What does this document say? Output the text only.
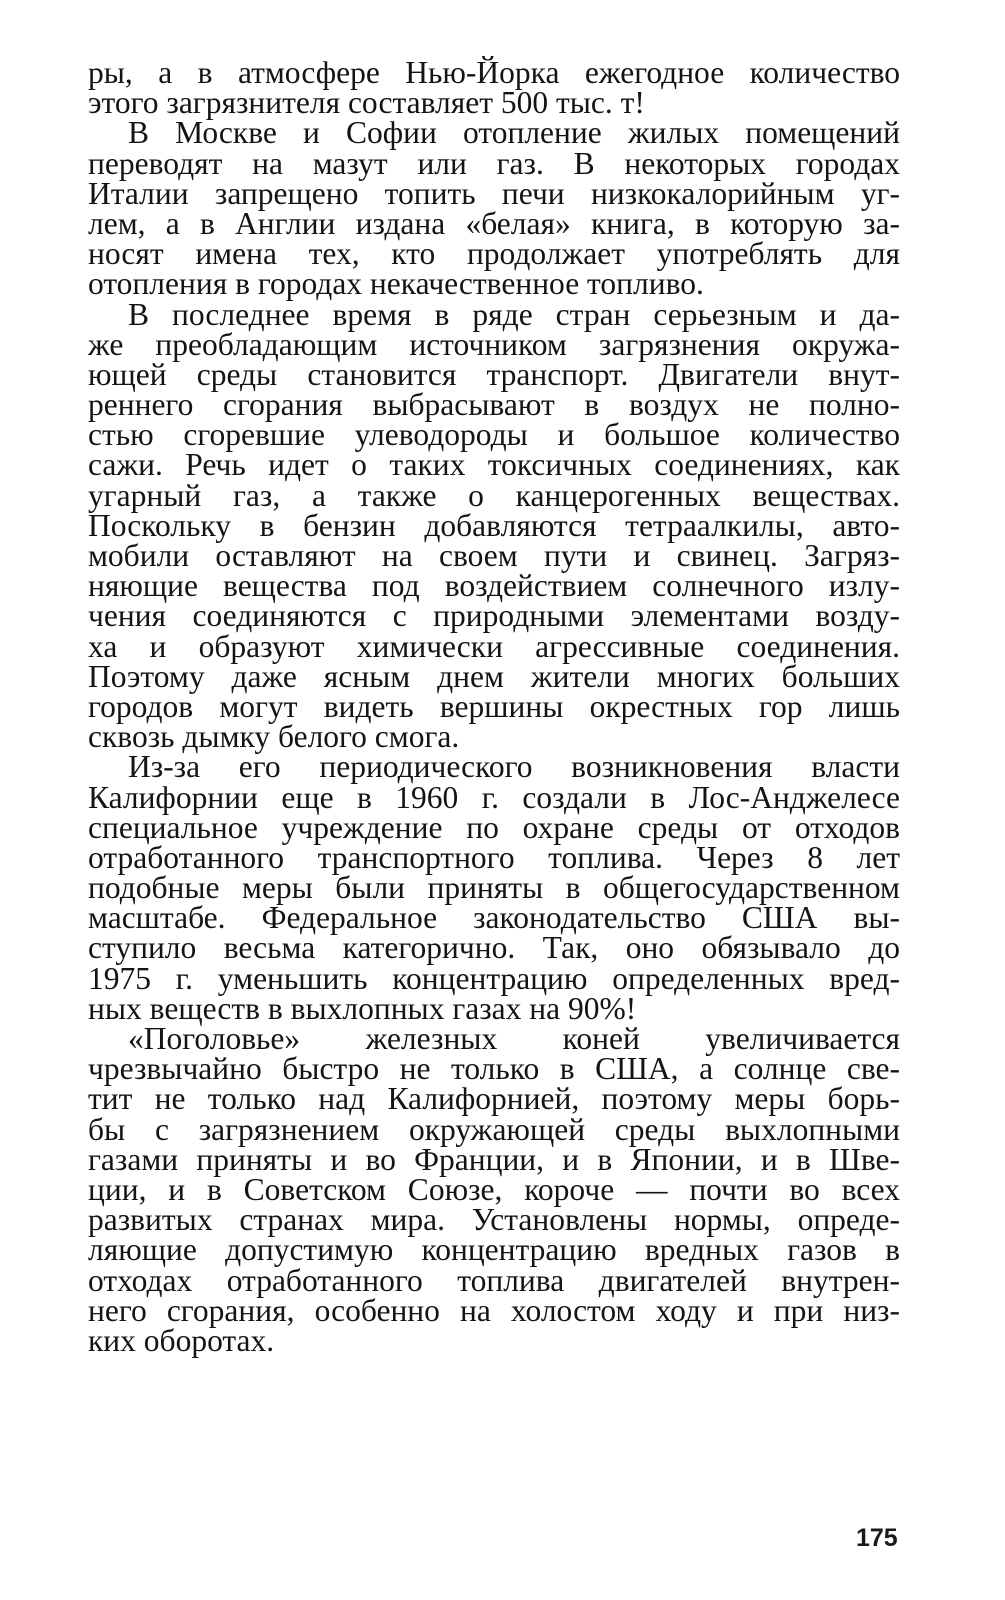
ры, а в атмосфере Нью-Йорка ежегодное количество
этого загрязнителя составляет 500 тыс. т!
В Москве и Софии отопление жилых помещений
переводят на мазут или газ. В некоторых городах
Италии запрещено топить печи низкокалорийным уг-
лем, а в Англии издана «белая» книга, в которую за-
носят имена тех, кто продолжает употреблять для
отопления в городах некачественное топливо.
В последнее время в ряде стран серьезным и да-
же преобладающим источником загрязнения окружа-
ющей среды становится транспорт. Двигатели внут-
реннего сгорания выбрасывают в воздух не полно-
стью сгоревшие улеводороды и большое количество
сажи. Речь идет о таких токсичных соединениях, как
угарный газ, а также о канцерогенных веществах.
Поскольку в бензин добавляются тетраалкилы, авто-
мобили оставляют на своем пути и свинец. Загряз-
няющие вещества под воздействием солнечного излу-
чения соединяются с природными элементами возду-
ха и образуют химически агрессивные соединения.
Поэтому даже ясным днем жители многих больших
городов могут видеть вершины окрестных гор лишь
сквозь дымку белого смога.
Из-за его периодического возникновения власти
Калифорнии еще в 1960 г. создали в Лос-Анджелесе
специальное учреждение по охране среды от отходов
отработанного транспортного топлива. Через 8 лет
подобные меры были приняты в общегосударственном
масштабе. Федеральное законодательство США вы-
ступило весьма категорично. Так, оно обязывало до
1975 г. уменьшить концентрацию определенных вред-
ных веществ в выхлопных газах на 90%!
«Поголовье» железных коней увеличивается
чрезвычайно быстро не только в США, а солнце све-
тит не только над Калифорнией, поэтому меры борь-
бы с загрязнением окружающей среды выхлопными
газами приняты и во Франции, и в Японии, и в Шве-
ции, и в Советском Союзе, короче — почти во всех
развитых странах мира. Установлены нормы, опреде-
ляющие допустимую концентрацию вредных газов в
отходах отработанного топлива двигателей внутрен-
него сгорания, особенно на холостом ходу и при низ-
ких оборотах.
175
